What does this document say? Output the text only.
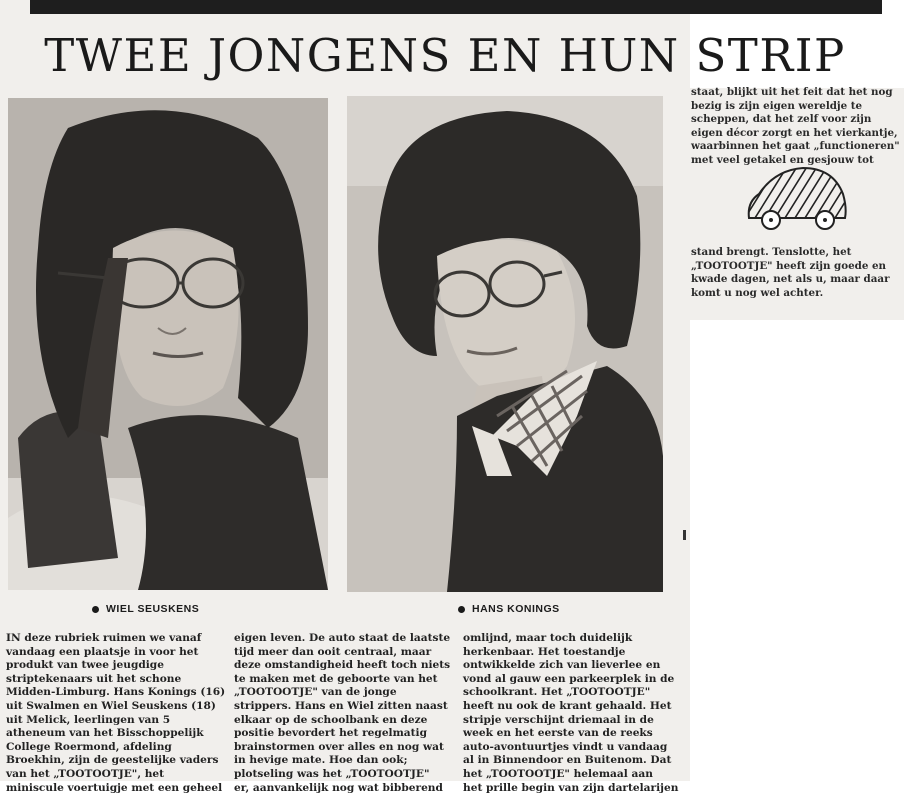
TWEE JONGENS EN HUN STRIP
WIEL SEUSKENS	HANS KONINGS
staat, blijkt uit het feit dat het nog
bezig is zijn eigen wereldje te
scheppen, dat het zelf voor zijn
eigen décor zorgt en het vierkantje,
waarbinnen het gaat „functioneren"
met veel getakel en gesjouw tot
stand brengt. Tenslotte, het
„TOOTOOTJE" heeft zijn goede en
kwade dagen, net als u, maar daar
komt u nog wel achter.
IN deze rubriek ruimen we vanaf
vandaag een plaatsje in voor het
produkt van twee jeugdige
striptekenaars uit het schone
Midden-Limburg. Hans Konings (16)
uit Swalmen en Wiel Seuskens (18)
uit Melick, leerlingen van 5
atheneum van het Bisschoppelijk
College Roermond, afdeling
Broekhin, zijn de geestelijke vaders
van het „TOOTOOTJE", het
miniscule voertuigje met een geheel
eigen leven. De auto staat de laatste
tijd meer dan ooit centraal, maar
deze omstandigheid heeft toch niets
te maken met de geboorte van het
„TOOTOOTJE" van de jonge
strippers. Hans en Wiel zitten naast
elkaar op de schoolbank en deze
positie bevordert het regelmatig
brainstormen over alles en nog wat
in hevige mate. Hoe dan ook;
plotseling was het „TOOTOOTJE"
er, aanvankelijk nog wat bibberend
omlijnd, maar toch duidelijk
herkenbaar. Het toestandje
ontwikkelde zich van lieverlee en
vond al gauw een parkeerplek in de
schoolkrant. Het „TOOTOOTJE"
heeft nu ook de krant gehaald. Het
stripje verschijnt driemaal in de
week en het eerste van de reeks
auto-avontuurtjes vindt u vandaag
al in Binnendoor en Buitenom. Dat
het „TOOTOOTJE" helemaal aan
het prille begin van zijn dartelarijen
